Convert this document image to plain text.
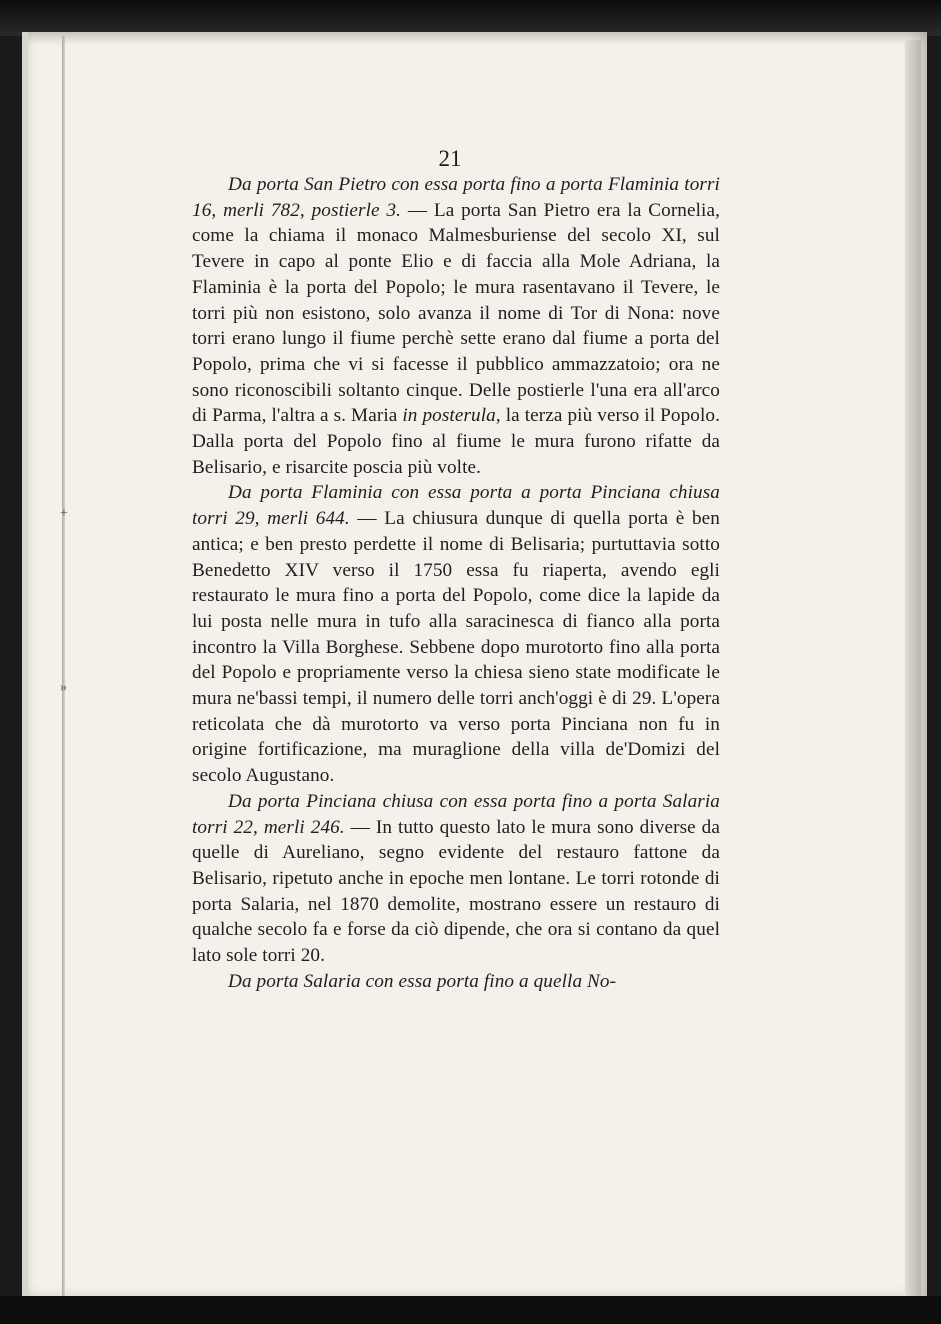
+
»
21

Da porta San Pietro con essa porta fino a porta Flaminia torri 16, merli 782, postierle 3. — La porta San Pietro era la Cornelia, come la chiama il monaco Malmesburiense del secolo XI, sul Tevere in capo al ponte Elio e di faccia alla Mole Adriana, la Flaminia è la porta del Popolo; le mura rasentavano il Tevere, le torri più non esistono, solo avanza il nome di Tor di Nona: nove torri erano lungo il fiume perchè sette erano dal fiume a porta del Popolo, prima che vi si facesse il pubblico ammazzatoio; ora ne sono riconoscibili soltanto cinque. Delle postierle l'una era all'arco di Parma, l'altra a s. Maria in posterula, la terza più verso il Popolo. Dalla porta del Popolo fino al fiume le mura furono rifatte da Belisario, e risarcite poscia più volte.

Da porta Flaminia con essa porta a porta Pinciana chiusa torri 29, merli 644. — La chiusura dunque di quella porta è ben antica; e ben presto perdette il nome di Belisaria; purtuttavia sotto Benedetto XIV verso il 1750 essa fu riaperta, avendo egli restaurato le mura fino a porta del Popolo, come dice la lapide da lui posta nelle mura in tufo alla saracinesca di fianco alla porta incontro la Villa Borghese. Sebbene dopo murotorto fino alla porta del Popolo e propriamente verso la chiesa sieno state modificate le mura ne'bassi tempi, il numero delle torri anch'oggi è di 29. L'opera reticolata che dà murotorto va verso porta Pinciana non fu in origine fortificazione, ma muraglione della villa de'Domizi del secolo Augustano.

Da porta Pinciana chiusa con essa porta fino a porta Salaria torri 22, merli 246. — In tutto questo lato le mura sono diverse da quelle di Aureliano, segno evidente del restauro fattone da Belisario, ripetuto anche in epoche men lontane. Le torri rotonde di porta Salaria, nel 1870 demolite, mostrano essere un restauro di qualche secolo fa e forse da ciò dipende, che ora si contano da quel lato sole torri 20.

Da porta Salaria con essa porta fino a quella No-
